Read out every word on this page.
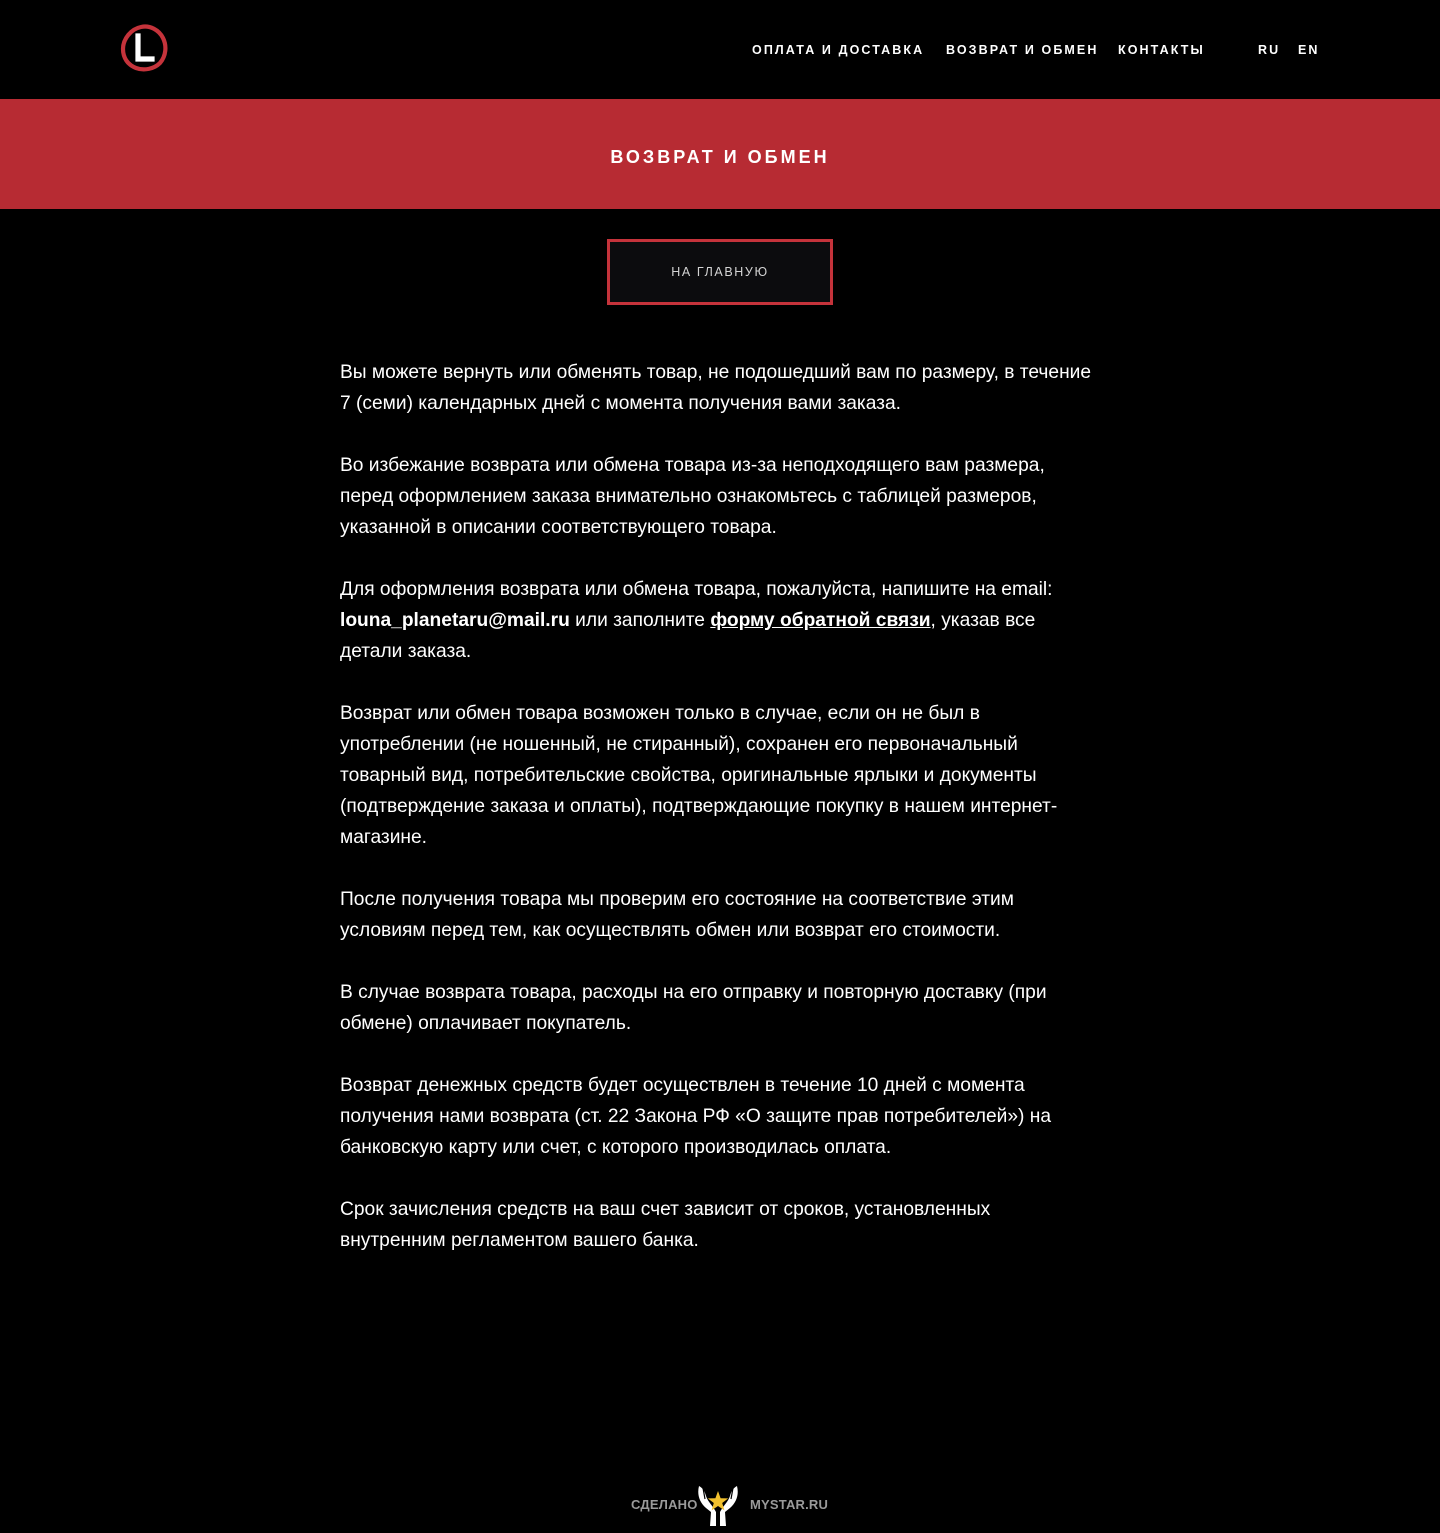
ОПЛАТА И ДОСТАВКА ВОЗВРАТ И ОБМЕН КОНТАКТЫ	RU EN
ВОЗВРАТ И ОБМЕН
НА ГЛАВНУЮ

Вы можете вернуть или обменять товар, не подошедший вам по размеру, в течение 7 (семи) календарных дней с момента получения вами заказа.

Во избежание возврата или обмена товара из-за неподходящего вам размера, перед оформлением заказа внимательно ознакомьтесь с таблицей размеров, указанной в описании соответствующего товара.

Для оформления возврата или обмена товара, пожалуйста, напишите на email: louna_planetaru@mail.ru или заполните форму обратной связи, указав все детали заказа.

Возврат или обмен товара возможен только в случае, если он не был в употреблении (не ношенный, не стиранный), сохранен его первоначальный товарный вид, потребительские свойства, оригинальные ярлыки и документы (подтверждение заказа и оплаты), подтверждающие покупку в нашем интернет-магазине.

После получения товара мы проверим его состояние на соответствие этим условиям перед тем, как осуществлять обмен или возврат его стоимости.

В случае возврата товара, расходы на его отправку и повторную доставку (при обмене) оплачивает покупатель.

Возврат денежных средств будет осуществлен в течение 10 дней с момента получения нами возврата (ст. 22 Закона РФ «О защите прав потребителей») на банковскую карту или счет, с которого производилась оплата.

Срок зачисления средств на ваш счет зависит от сроков, установленных внутренним регламентом вашего банка.

СДЕЛАНО	MYSTAR.RU
